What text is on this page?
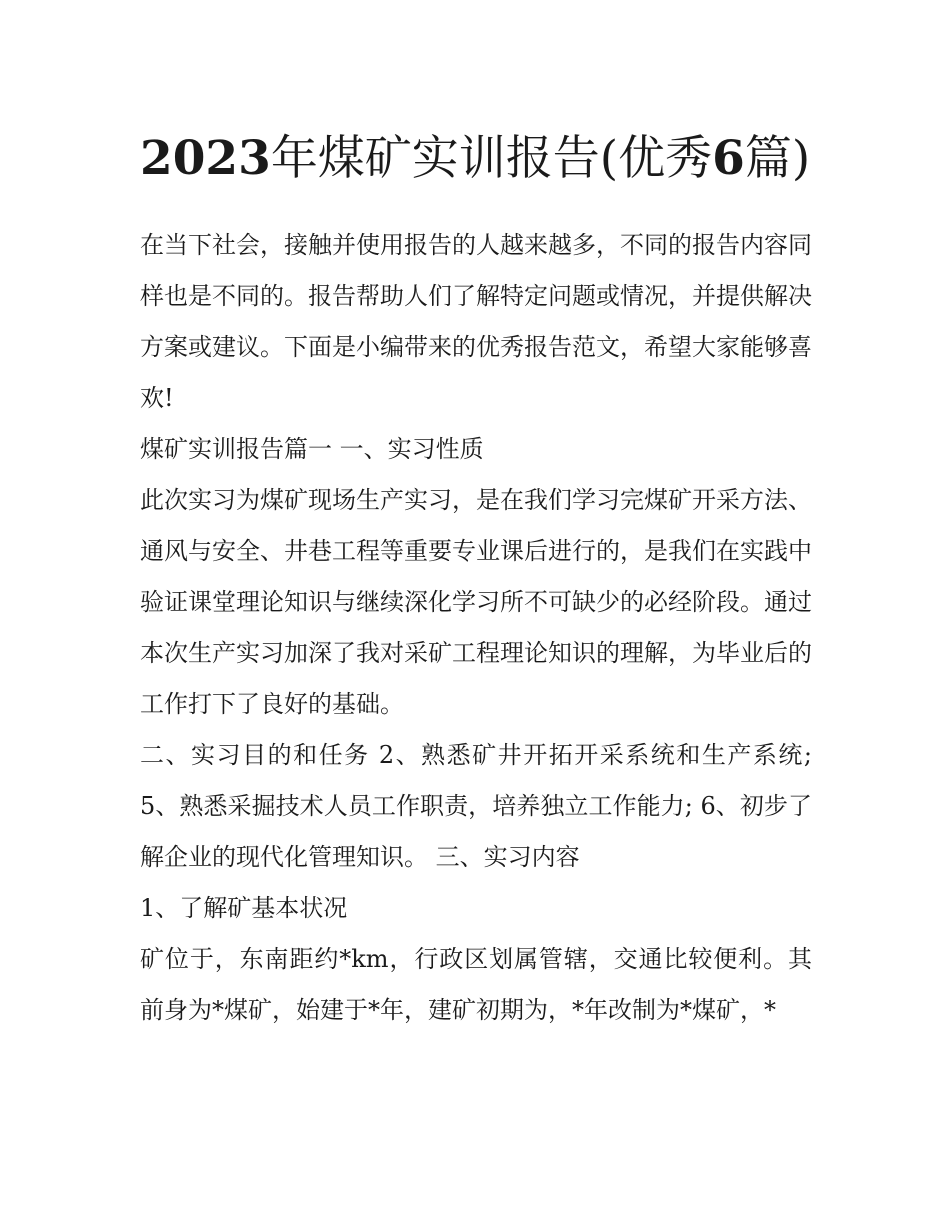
2023年煤矿实训报告(优秀6篇)

在当下社会，接触并使用报告的人越来越多，不同的报告内容同样也是不同的。报告帮助人们了解特定问题或情况，并提供解决方案或建议。下面是小编带来的优秀报告范文，希望大家能够喜欢!

煤矿实训报告篇一 一、实习性质

此次实习为煤矿现场生产实习，是在我们学习完煤矿开采方法、通风与安全、井巷工程等重要专业课后进行的，是我们在实践中验证课堂理论知识与继续深化学习所不可缺少的必经阶段。通过本次生产实习加深了我对采矿工程理论知识的理解，为毕业后的工作打下了良好的基础。

二、实习目的和任务 2、熟悉矿井开拓开采系统和生产系统; 5、熟悉采掘技术人员工作职责，培养独立工作能力; 6、初步了解企业的现代化管理知识。 三、实习内容

1、了解矿基本状况

矿位于，东南距约*km，行政区划属管辖，交通比较便利。其前身为*煤矿，始建于*年，建矿初期为，*年改制为*煤矿，*
